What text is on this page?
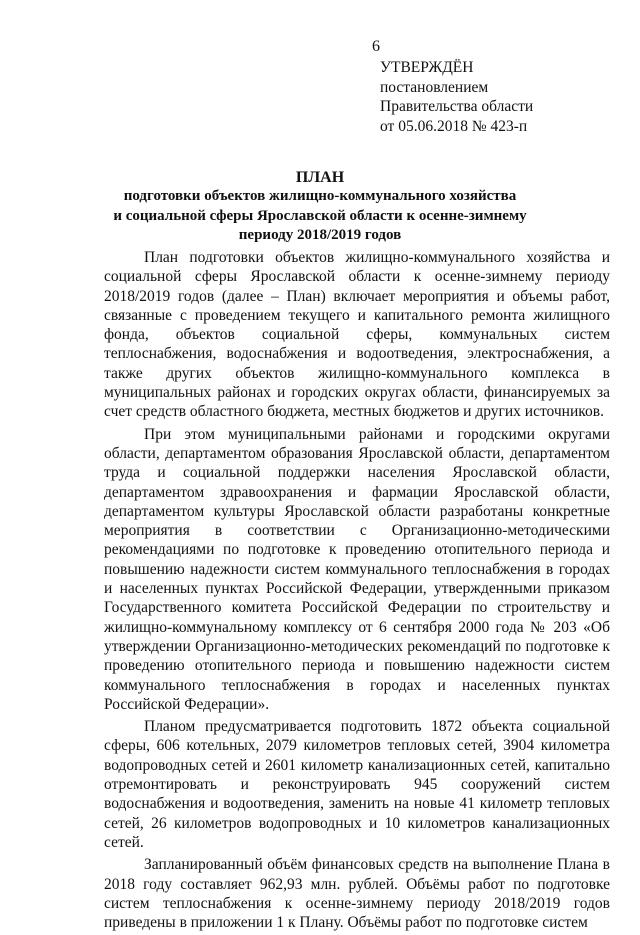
6
УТВЕРЖДЁН
постановлением
Правительства области
от 05.06.2018 № 423-п
ПЛАН
подготовки объектов жилищно-коммунального хозяйства
и социальной сферы Ярославской области к осенне-зимнему
периоду 2018/2019 годов

План подготовки объектов жилищно-коммунального хозяйства и социальной сферы Ярославской области к осенне-зимнему периоду 2018/2019 годов (далее – План) включает мероприятия и объемы работ, связанные с проведением текущего и капитального ремонта жилищного фонда, объектов социальной сферы, коммунальных систем теплоснабжения, водоснабжения и водоотведения, электроснабжения, а также других объектов жилищно-коммунального комплекса в муниципальных районах и городских округах области, финансируемых за счет средств областного бюджета, местных бюджетов и других источников.

При этом муниципальными районами и городскими округами области, департаментом образования Ярославской области, департаментом труда и социальной поддержки населения Ярославской области, департаментом здравоохранения и фармации Ярославской области, департаментом культуры Ярославской области разработаны конкретные мероприятия в соответствии с Организационно-методическими рекомендациями по подготовке к проведению отопительного периода и повышению надежности систем коммунального теплоснабжения в городах и населенных пунктах Российской Федерации, утвержденными приказом Государственного комитета Российской Федерации по строительству и жилищно-коммунальному комплексу от 6 сентября 2000 года № 203 «Об утверждении Организационно-методических рекомендаций по подготовке к проведению отопительного периода и повышению надежности систем коммунального теплоснабжения в городах и населенных пунктах Российской Федерации».

Планом предусматривается подготовить 1872 объекта социальной сферы, 606 котельных, 2079 километров тепловых сетей, 3904 километра водопроводных сетей и 2601 километр канализационных сетей, капитально отремонтировать и реконструировать 945 сооружений систем водоснабжения и водоотведения, заменить на новые 41 километр тепловых сетей, 26 километров водопроводных и 10 километров канализационных сетей.

Запланированный объём финансовых средств на выполнение Плана в 2018 году составляет 962,93 млн. рублей. Объёмы работ по подготовке систем теплоснабжения к осенне-зимнему периоду 2018/2019 годов приведены в приложении 1 к Плану. Объёмы работ по подготовке систем
